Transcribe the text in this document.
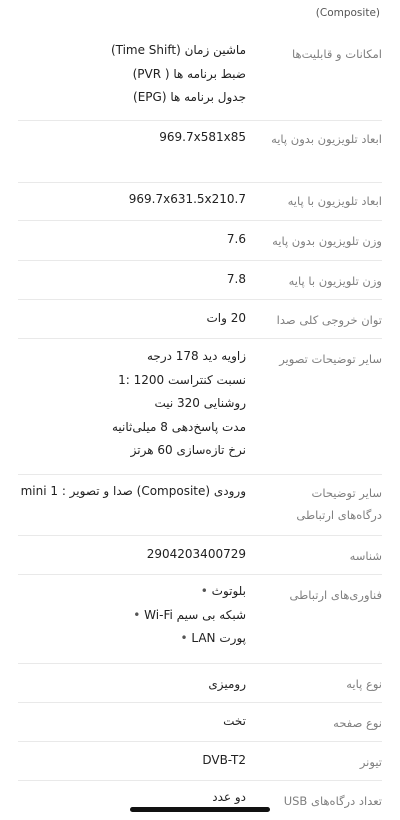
(Composite)
امکانات و قابلیت‌ها
ماشین زمان (Time Shift)
ضبط برنامه ها ( PVR)
جدول برنامه ها (EPG)
ابعاد تلویزیون بدون پایه
969.7x581x85
ابعاد تلویزیون با پایه
969.7x631.5x210.7
وزن تلویزیون بدون پایه
7.6
وزن تلویزیون با پایه
7.8
توان خروجی کلی صدا
20 وات
سایر توضیحات تصویر
زاویه دید 178 درجه
نسبت کنتراست 1200 :1
روشنایی 320 نیت
مدت پاسخ‌دهی 8 میلی‌ثانیه
نرخ تازه‌سازی 60 هرتز
سایر توضیحات درگاه‌های ارتباطی
ورودی (Composite) صدا و تصویر : mini 1
شناسه
2904203400729
فناوری‌های ارتباطی
بلوتوث •
شبکه بی سیم Wi-Fi •
پورت LAN •
نوع پایه
رومیزی
نوع صفحه
تخت
تیونر
DVB-T2
تعداد درگاه‌های USB
دو عدد
